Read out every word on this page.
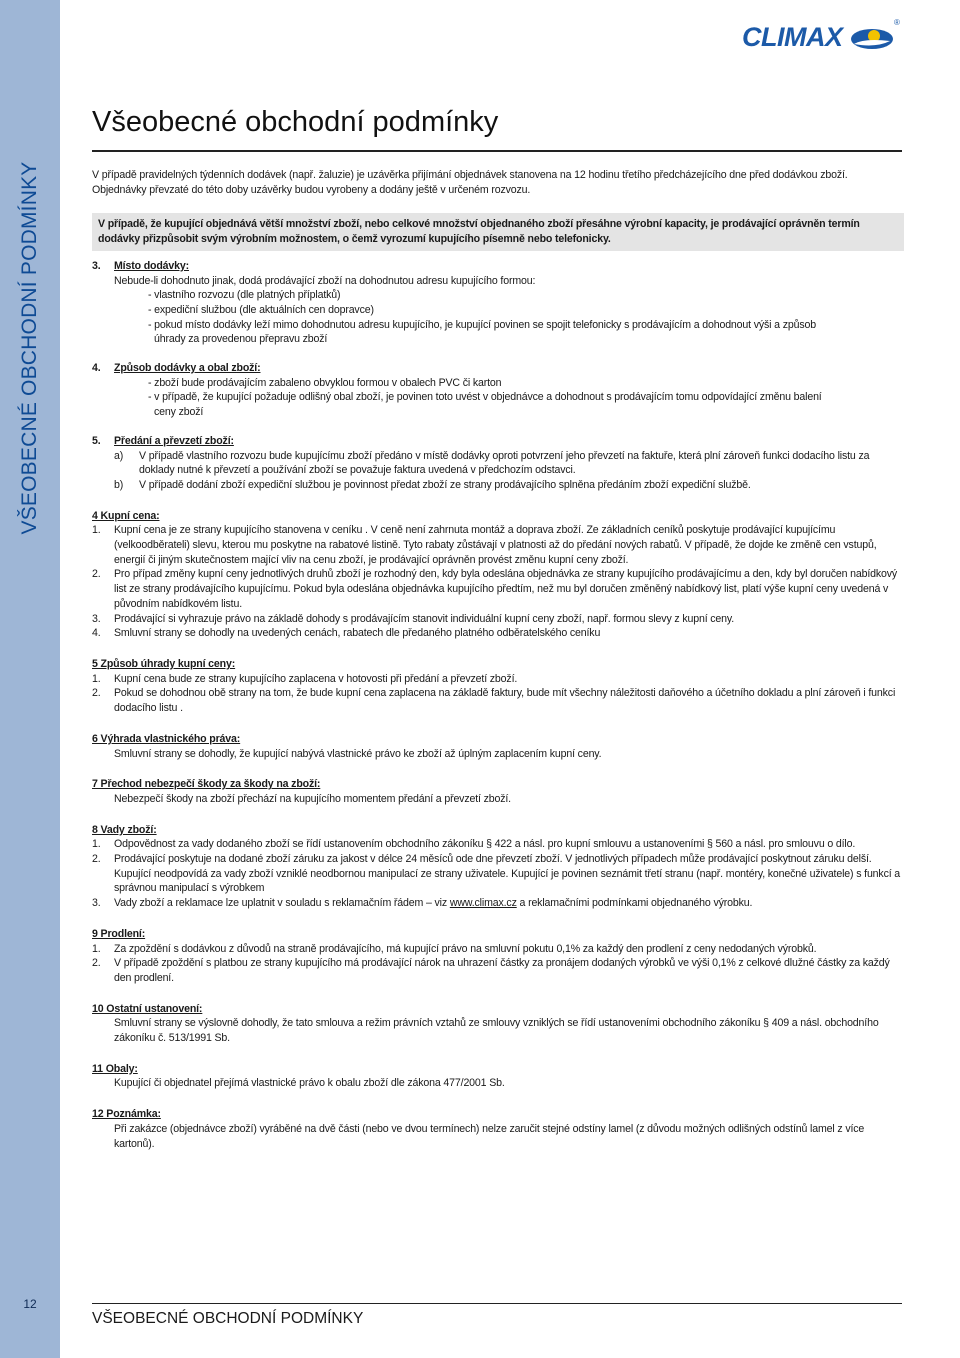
VŠEOBECNÉ OBCHODNÍ PODMÍNKY
12
CLIMAX	®
Všeobecné obchodní podmínky

V případě pravidelných týdenních dodávek (např. žaluzie) je uzávěrka přijímání objednávek stanovena na 12 hodinu třetího předcházejícího dne před dodávkou zboží. Objednávky převzaté do této doby uzávěrky budou vyrobeny a dodány ještě v určeném rozvozu.

V případě, že kupující objednává větší množství zboží, nebo celkové množství objednaného zboží přesáhne výrobní kapacity, je prodávající oprávněn termín dodávky přizpůsobit svým výrobním možnostem, o čemž vyrozumí kupujícího písemně nebo telefonicky.

3.	Místo dodávky:

Nebude-li dohodnuto jinak, dodá prodávající zboží na dohodnutou adresu kupujícího formou:

- vlastního rozvozu (dle platných příplatků)

- expediční službou (dle aktuálních cen dopravce)

- pokud místo dodávky leží mimo dohodnutou adresu kupujícího, je kupující povinen se spojit telefonicky s prodávajícím a dohodnout výši a způsob

úhrady za provedenou přepravu zboží

4.	Způsob dodávky a obal zboží:

- zboží bude prodávajícím zabaleno obvyklou formou v obalech PVC či karton

- v případě, že kupující požaduje odlišný obal zboží, je povinen toto uvést v objednávce a dohodnout s prodávajícím tomu odpovídající změnu balení

ceny zboží

5.	Předání a převzetí zboží:
a)	V případě vlastního rozvozu bude kupujícímu zboží předáno v místě dodávky oproti potvrzení jeho převzetí na faktuře, která plní zároveň funkci dodacího listu za doklady nutné k převzetí a používání zboží se považuje faktura uvedená v předchozím odstavci.
b)	V případě dodání zboží expediční službou je povinnost předat zboží ze strany prodávajícího splněna předáním zboží expediční službě.

4 Kupní cena:

1.	Kupní cena je ze strany kupujícího stanovena v ceníku . V ceně není zahrnuta montáž a doprava zboží. Ze základních ceníků poskytuje prodávající kupujícímu (velkoodběrateli) slevu, kterou mu poskytne na rabatové listině. Tyto rabaty zůstávají v platnosti až do předání nových rabatů. V případě, že dojde ke změně cen vstupů, energií či jiným skutečnostem mající vliv na cenu zboží, je prodávající oprávněn provést změnu kupní ceny zboží.
2.	Pro případ změny kupní ceny jednotlivých druhů zboží je rozhodný den, kdy byla odeslána objednávka ze strany kupujícího prodávajícímu a den, kdy byl doručen nabídkový list ze strany prodávajícího kupujícímu. Pokud byla odeslána objednávka kupujícího předtím, než mu byl doručen změněný nabídkový list, platí výše kupní ceny uvedená v původním nabídkovém listu.
3.	Prodávající si vyhrazuje právo na základě dohody s prodávajícím stanovit individuální kupní ceny zboží, např. formou slevy z kupní ceny.
4.	Smluvní strany se dohodly na uvedených cenách, rabatech dle předaného platného odběratelského ceníku

5 Způsob úhrady kupní ceny:

1.	Kupní cena bude ze strany kupujícího zaplacena v hotovosti při předání a převzetí zboží.
2.	Pokud se dohodnou obě strany na tom, že bude kupní cena zaplacena na základě faktury, bude mít všechny náležitosti daňového a účetního dokladu a plní zároveň i funkci dodacího listu .

6 Výhrada vlastnického práva:

Smluvní strany se dohodly, že kupující nabývá vlastnické právo ke zboží až úplným zaplacením kupní ceny.

7 Přechod nebezpečí škody za škody na zboží:

Nebezpečí škody na zboží přechází na kupujícího momentem předání a převzetí zboží.

8 Vady zboží:

1.	Odpovědnost za vady dodaného zboží se řídí ustanovením obchodního zákoníku § 422 a násl. pro kupní smlouvu a ustanoveními § 560 a násl. pro smlouvu o dílo.
2.	Prodávající poskytuje na dodané zboží záruku za jakost v délce 24 měsíců ode dne převzetí zboží. V jednotlivých případech může prodávající poskytnout záruku delší. Kupující neodpovídá za vady zboží vzniklé neodbornou manipulací ze strany uživatele. Kupující je povinen seznámit třetí stranu (např. montéry, konečné uživatele) s funkcí a správnou manipulací s výrobkem
3.	Vady zboží a reklamace lze uplatnit v souladu s reklamačním řádem – viz www.climax.cz a reklamačními podmínkami objednaného výrobku.

9 Prodlení:

1.	Za zpoždění s dodávkou z důvodů na straně prodávajícího, má kupující právo na smluvní pokutu 0,1% za každý den prodlení z ceny nedodaných výrobků.
2.	V případě zpoždění s platbou ze strany kupujícího má prodávající nárok na uhrazení částky za pronájem dodaných výrobků ve výši 0,1% z celkové dlužné částky za každý den prodlení.

10 Ostatní ustanovení:

Smluvní strany se výslovně dohodly, že tato smlouva a režim právních vztahů ze smlouvy vzniklých se řídí ustanoveními obchodního zákoníku § 409 a násl. obchodního zákoníku č. 513/1991 Sb.

11 Obaly:

Kupující či objednatel přejímá vlastnické právo k obalu zboží dle zákona 477/2001 Sb.

12 Poznámka:

Při zakázce (objednávce zboží) vyráběné na dvě části (nebo ve dvou termínech) nelze zaručit stejné odstíny lamel (z důvodu možných odlišných odstínů lamel z více kartonů).

VŠEOBECNÉ OBCHODNÍ PODMÍNKY
